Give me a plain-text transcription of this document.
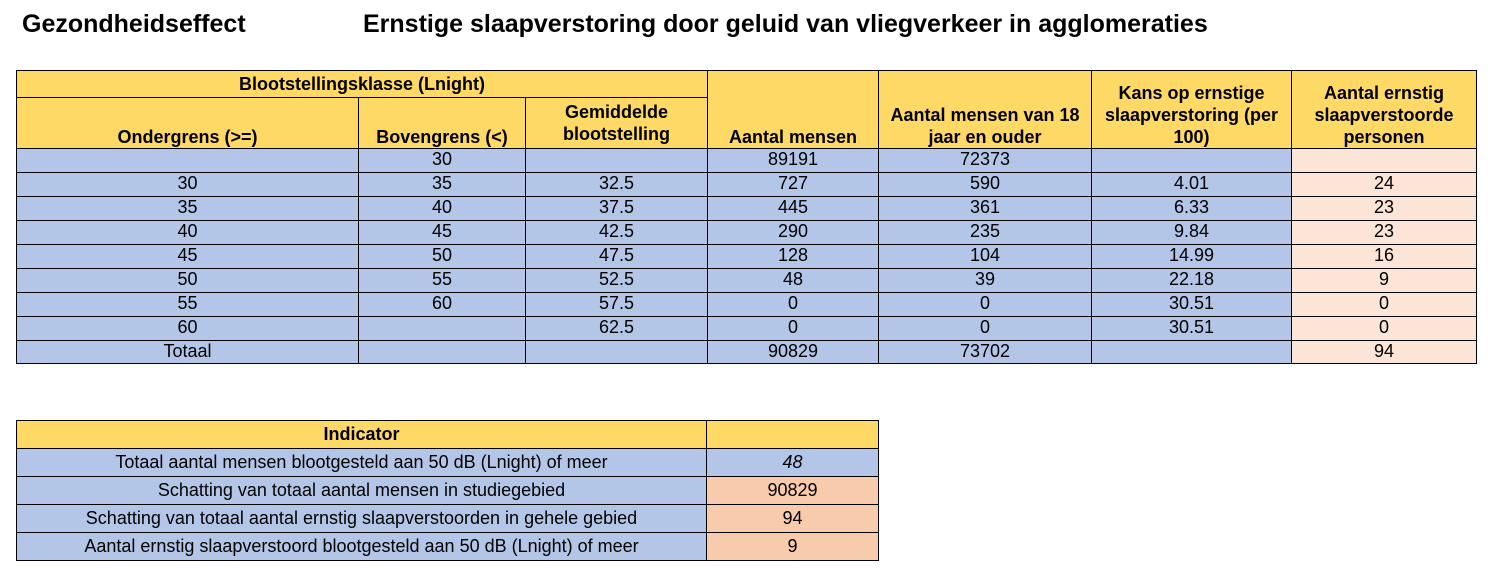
Gezondheidseffect	Ernstige slaapverstoring door geluid van vliegverkeer in agglomeraties
Blootstellingsklasse (Lnight)			Aantal mensen	Aantal mensen van 18 jaar en ouder	Kans op ernstige slaapverstoring (per 100)	Aantal ernstig slaapverstoorde personen
Ondergrens (>=)	Bovengrens (<)	Gemiddelde blootstelling				
	30		89191	72373		
30	35	32.5	727	590	4.01	24
35	40	37.5	445	361	6.33	23
40	45	42.5	290	235	9.84	23
45	50	47.5	128	104	14.99	16
50	55	52.5	48	39	22.18	9
55	60	57.5	0	0	30.51	0
60		62.5	0	0	30.51	0
Totaal			90829	73702		94
Indicator	
Totaal aantal mensen blootgesteld aan 50 dB (Lnight) of meer	48
Schatting van totaal aantal mensen in studiegebied	90829
Schatting van totaal aantal ernstig slaapverstoorden in gehele gebied	94
Aantal ernstig slaapverstoord blootgesteld aan 50 dB (Lnight) of meer	9
